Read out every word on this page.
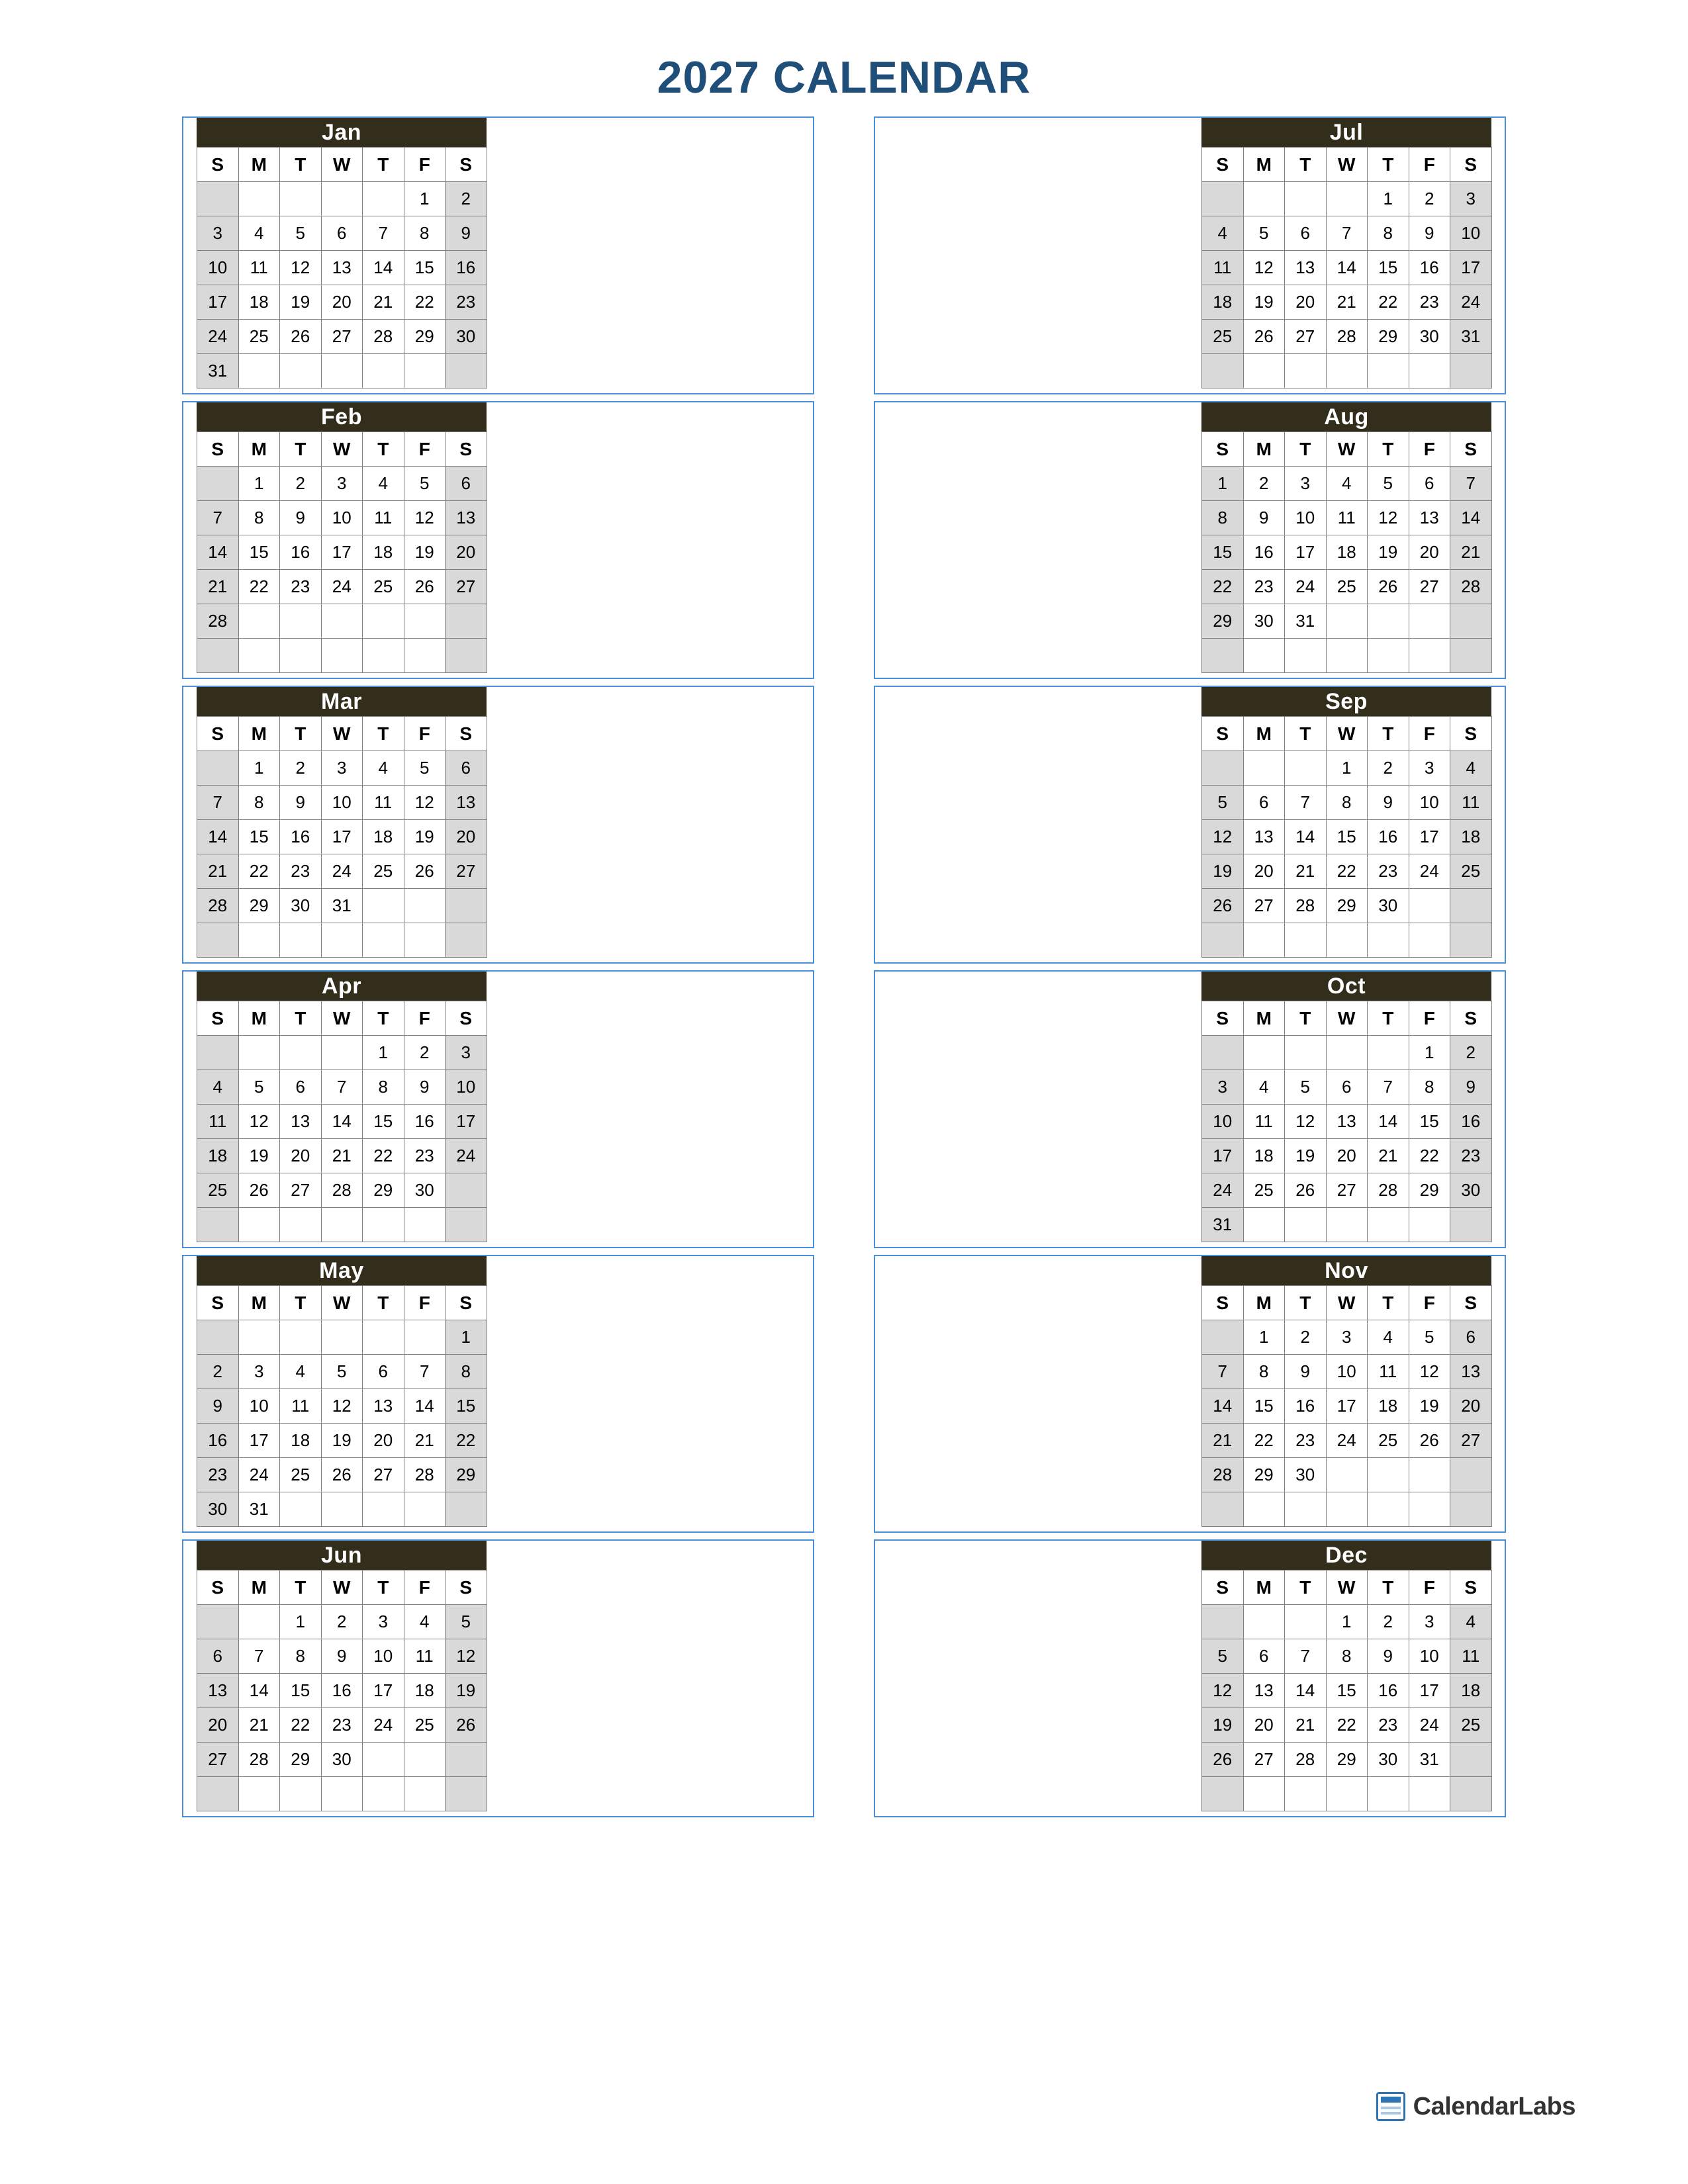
2027 CALENDAR
Jan
S	M	T	W	T	F	S
					1	2
3	4	5	6	7	8	9
10	11	12	13	14	15	16
17	18	19	20	21	22	23
24	25	26	27	28	29	30
31						
Jul
S	M	T	W	T	F	S
				1	2	3
4	5	6	7	8	9	10
11	12	13	14	15	16	17
18	19	20	21	22	23	24
25	26	27	28	29	30	31

Feb
S	M	T	W	T	F	S
	1	2	3	4	5	6
7	8	9	10	11	12	13
14	15	16	17	18	19	20
21	22	23	24	25	26	27
28						

Aug
S	M	T	W	T	F	S
1	2	3	4	5	6	7
8	9	10	11	12	13	14
15	16	17	18	19	20	21
22	23	24	25	26	27	28
29	30	31				

Mar
S	M	T	W	T	F	S
	1	2	3	4	5	6
7	8	9	10	11	12	13
14	15	16	17	18	19	20
21	22	23	24	25	26	27
28	29	30	31			

Sep
S	M	T	W	T	F	S
			1	2	3	4
5	6	7	8	9	10	11
12	13	14	15	16	17	18
19	20	21	22	23	24	25
26	27	28	29	30		

Apr
S	M	T	W	T	F	S
				1	2	3
4	5	6	7	8	9	10
11	12	13	14	15	16	17
18	19	20	21	22	23	24
25	26	27	28	29	30	

Oct
S	M	T	W	T	F	S
					1	2
3	4	5	6	7	8	9
10	11	12	13	14	15	16
17	18	19	20	21	22	23
24	25	26	27	28	29	30
31						
May
S	M	T	W	T	F	S
						1
2	3	4	5	6	7	8
9	10	11	12	13	14	15
16	17	18	19	20	21	22
23	24	25	26	27	28	29
30	31					
Nov
S	M	T	W	T	F	S
	1	2	3	4	5	6
7	8	9	10	11	12	13
14	15	16	17	18	19	20
21	22	23	24	25	26	27
28	29	30				

Jun
S	M	T	W	T	F	S
		1	2	3	4	5
6	7	8	9	10	11	12
13	14	15	16	17	18	19
20	21	22	23	24	25	26
27	28	29	30			

Dec
S	M	T	W	T	F	S
			1	2	3	4
5	6	7	8	9	10	11
12	13	14	15	16	17	18
19	20	21	22	23	24	25
26	27	28	29	30	31	

CalendarLabs
